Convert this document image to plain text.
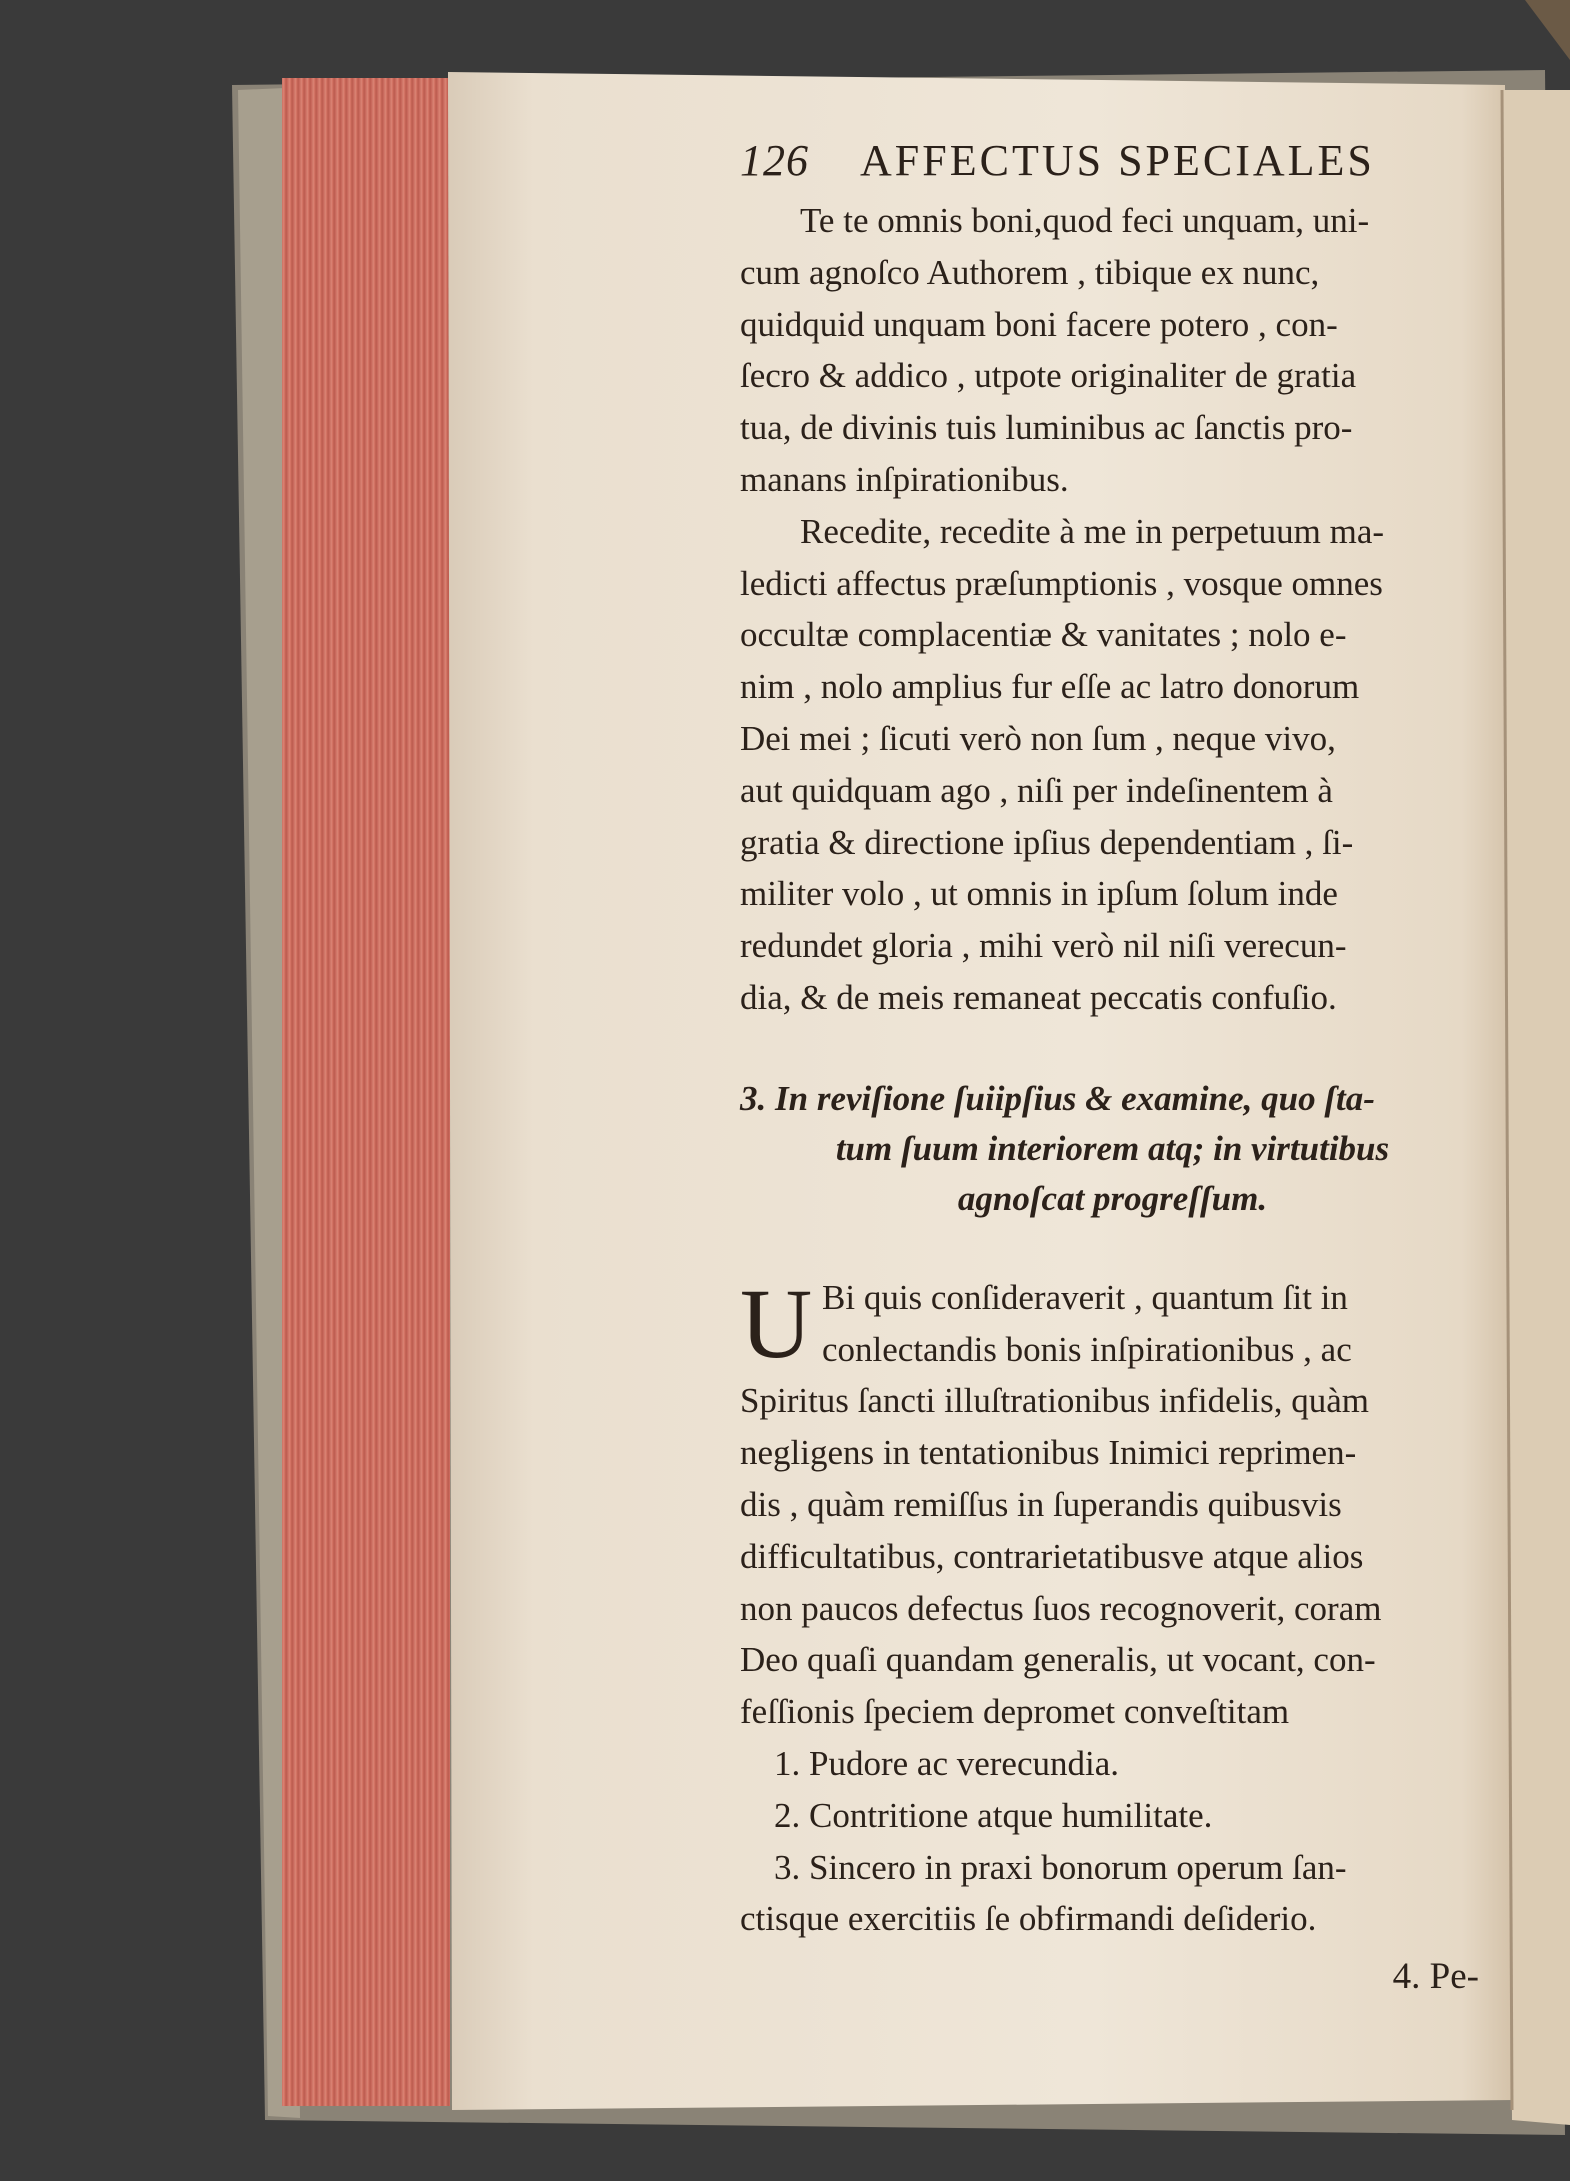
126	AFFECTUS SPECIALES
Te te omnis boni,quod feci unquam, uni-
cum agnoſco Authorem , tibique ex nunc,
quidquid unquam boni facere potero , con-
ſecro & addico , utpote originaliter de gratia
tua, de divinis tuis luminibus ac ſanctis pro-
manans inſpirationibus.
Recedite, recedite à me in perpetuum ma-
ledicti affectus præſumptionis , vosque omnes
occultæ complacentiæ & vanitates ; nolo e-
nim , nolo amplius fur eſſe ac latro donorum
Dei mei ; ſicuti verò non ſum , neque vivo,
aut quidquam ago , niſi per indeſinentem à
gratia & directione ipſius dependentiam , ſi-
militer volo , ut omnis in ipſum ſolum inde
redundet gloria , mihi verò nil niſi verecun-
dia, & de meis remaneat peccatis confuſio.
3. In reviſione ſuiipſius & examine, quo ſta-
tum ſuum interiorem atq; in virtutibus
agnoſcat progreſſum.
U Bi quis conſideraverit , quantum ſit in
conlectandis bonis inſpirationibus , ac
Spiritus ſancti illuſtrationibus infidelis, quàm
negligens in tentationibus Inimici reprimen-
dis , quàm remiſſus in ſuperandis quibusvis
difficultatibus, contrarietatibusve atque alios
non paucos defectus ſuos recognoverit, coram
Deo quaſi quandam generalis, ut vocant, con-
feſſionis ſpeciem depromet conveſtitam
1. Pudore ac verecundia.
2. Contritione atque humilitate.
3. Sincero in praxi bonorum operum ſan-
ctisque exercitiis ſe obfirmandi deſiderio.
4. Pe-
